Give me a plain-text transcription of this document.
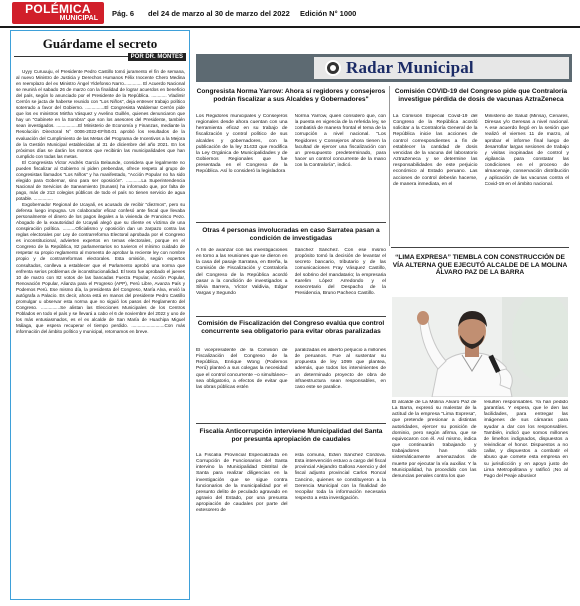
POLÉMICA
MUNICIPAL
Pág. 6 del 24 de marzo al 30 de marzo del 2022 Edición N° 1000
Guárdame el secreto
POR DR. MONTES

Uyyy Curuuuju, el Presidente Pedro Castillo tomó juramento el fin de semana, al nuevo Ministro de Justicia y Derechos Humanos Félix Inocente Chero Medina en reemplazo del ex Ministro Ángel Yldefonso Narro.............. El Acuerdo Nacional se reunirá el sabado 26 de marzo con la finalidad de lograr acuerdos en beneficio del país, según lo anunciado por el Presidente de la República. ............ Vladimir Cerrón se jacta de haberse reunido con "Los Niños", deja entrever trabajo político soterrado a favor del Gobierno. ...............El Congresista Waldemar Cerrón pide que los ex ministros Mirtha Vásquez y Avelino Guillén, quienes denunciaron que hay un "Gabinete en la Sombra" que son los asesores del Presidente, también sean investigados. .................El Ministerio de Economía y Finanzas, mediante la Resolución Directoral N° 0006-2022-EF/50.01 aprobó los resultados de la evaluación del Cumplimiento de las Metas del Programa de Incentivos a la Mejora de la Gestión Municipal establecidas al 31 de diciembre del año 2021. En los próximos días se darán los montos que recibirán las municipalidades que han cumplido con todas las metas.

El Congresista Víctor Andrés García Belaunde, considera que legalmente no pueden fiscalizar al Gobierno ni piden prebendas, ofrece respeto al grupo de congresistas llamados "Los Niños" y ha manifestado, "Acción Popular no ha sido elegido para Gobernar, sino para ser oposición". ............La Superintendencia Nacional de Servicios de Saneamiento (Sunass) ha informado que, por falta de pago, más de 213 colegios públicos de todo el país no tienen servicio de agua potable. ...............

Exgobernador Regional de Ucayali, es acusado de recibir "diezmos", pero su defensa luego impugna. Un colaborador eficaz confesó ante fiscal que llevaba personalmente el dinero de los pagos ilegales a la vivienda de Francisco Pezo. Abogado de la exautoridad de Ucayali alegó que su cliente es víctima de una conspiración política. ..........Oficialismo y oposición dan un zarpazo contra las reglas electorales por Ley de contrarreforma Electoral aprobada por el Congreso es inconstitucional, advierten expertos en temas electorales, porque en el Congreso de la República, 82 parlamentarios no tuvieron el mínimo cuidado de respetar su propio reglamento al momento de aprobar la reciente ley con nombre propio y de contrarreformas electorales. Esta omisión, según expertos consultados, conlleva a establecer que el Parlamento aprobó una norma que enfrenta serios problemas de inconstitucionalidad. El texto fue aprobado el jueves 10 de marzo con 82 votos de las bancadas Fuerza Popular, Acción Popular, Renovación Popular, Alianza para el Progreso (APP), Perú Libre, Avanza País y Podemos Perú. Ese mismo día, la presidenta del Congreso, María Alva, envió la autógrafa a Palacio. Es decir, ahora está en manos del presidente Pedro Castillo promulgar u observar esta norma que no siguió los pasos del Reglamento del Congreso. ...............Se alistan las Elecciones Municipales de los Centros Poblados en todo el país y se llevará a cabo el 6 de noviembre del 2022 y uno de los más entusiasmados, es el ex alcalde de San María de Huachipa Miguel Málaga, que espera recuperar el tiempo perdido. ..........................Con más información del ámbito político y municipal, retornamos en breve.

Radar Municipal
Congresista Norma Yarrow: Ahora sí regidores y consejeros podrán fiscalizar a sus Alcaldes y Gobernadores"
Los Regidores municipales y Consejeros regionales desde ahora cuentan con una herramienta eficaz en su trabajo de fiscalización y control político de sus alcaldes y gobernadores, con la publicación de la ley 31433 que modifica la Ley Orgánica de Municipalidades y de Gobiernos Regionales que fue presentada en el Congreso de la República. Así lo consideró la legisladora
Norma Yarrow, quien consideró que, con la puesta en vigencia de la referida ley, se combatirá de manera frontal el tema de la corrupción a nivel nacional. "Los Regidores y Consejeros ahora tienen la facultad de ejercer una fiscalización con un presupuesto predeterminado, para hacer un control concurrente de la mano con la Contraloría", indicó.
Comisión COVID-19 del Congreso pide que Contraloría investigue pérdida de dosis de vacunas AztraZeneca
La Comisión Especial Covid-19 del Congreso de la República acordó solicitar a la Contraloría General de la República inicie las acciones de control correspondientes a fin de establecer la cantidad de dosis vencidas de la vacuna del laboratorio AztraZeneca y se determine las responsabilidades de este perjuicio económico al Estado peruano. Las acciones de control deberán hacerse, de manera inmediata, en el
Ministerio de Salud (Minsa), Cenares, Diresas y/o Geresas a nivel nacional. A ese acuerdo llegó en la sesión que realizó el viernes 11 de marzo, al aprobar el informe final luego de desarrollar largas sesiones de trabajo y visitas inopinadas de control y vigilancia para constatar las condiciones en el proceso de almacenaje, conservación distribución y aplicación de las vacunas contra el Covid-19 en el ámbito nacional.
Otras 4 personas involucradas en caso Sarratea pasan a condición de investigadas
A fin de avanzar con las investigaciones en torno a las reuniones que se dieron en la casa del pasaje Sarratea, en Breña, la Comisión de Fiscalización y Contraloría del Congreso de la República acordó pasar a la condición de investigados a Silvia Barrera, Víctor Valdivia, Edgar Vargas y Segundo
Sánchez Sánchez. Con ese mismo propósito tomó la decisión de levantar el secreto bancario, tributario y de las comunicaciones Fray Vásquez Castillo, del sobrino del mandatario; la empresaria Karelim López Arredondo y el exsecretario del Despacho de la Presidencia, Bruno Pacheco Castillo.
Comisión de Fiscalización del Congreso evalúa que control concurrente sea obligatorio para evitar obras paralizadas
El vicepresidente de la Comisión de Fiscalización del Congreso de la República, Enrique Wong (Podemos Perú) planteó a sus colegas la necesidad que el control concurrente –o simultáneo– sea obligatorio, a efectos de evitar que las obras públicas estén
paralizadas en abierto perjuicio a millones de peruanos. Fue al sustentar su propuesta de ley 1099 que plantea, además, que todos los intervinientes de un determinado proyecto de obra de infraestructura sean responsables, en caso este se paralice.
Fiscalía Anticorrupción interviene Municipalidad del Santa por presunta apropiación de caudales
La Fiscalía Provincial Especializada en Corrupción de Funcionarios del Santa intervino la Municipalidad Distrital de Santa para realizar diligencias en la investigación que se sigue contra funcionarios de la municipalidad por el presunto delito de peculado agravado en agravio del Estado, por una presunta apropiación de caudales por parte del extesorero de
esta comuna, Edvin Sánchez Córdova. Esta intervención estuvo a cargo del fiscal provincial Alejandro Galloso Asencio y del fiscal adjunto provincial Carlos Roncal Cancino, quienes se constituyeron a la Gerencia Municipal con la finalidad de recopilar toda la información necesaria respecto a esta investigación.
“LIMA EXPRESA” TIEMBLA CON CONSTRUCCIÓN DE VÍA ALTERNA QUE EJECUTÓ ALCALDE DE LA MOLINA ÁLVARO PAZ DE LA BARRA
El alcalde de La Molina Álvaro Paz de La Barra, expresó su malestar de la actitud de la empresa "Lima Expresa", que pretende presionar a distintas autoridades, ejercer su posición de dominio, pero según afirma, que se equivocaron con él. Así mismo, indica que continuarán trabajando y trabajadores han sido sistemáticamente amenazados de muerte por ejecutar la vía auxiliar. Y la Municipalidad, ha procedido con las denuncias penales contra los que
resulten responsables. Ya han pedido garantías. Y espera, que le den las facilidades, para entregar las imágenes de sus cámaras para ayudar a dar con los responsables. También, indicó que somos millones de limeños indignados, dispuestos a reivindicar el honor. Dispuestos a no callar, y dispuestos a combatir el abuso que comete esta empresa en su jurisdicción y en apoyo justo de Lima Metropolitana y ratificó ¡No al Pago del Peaje abusivo!
